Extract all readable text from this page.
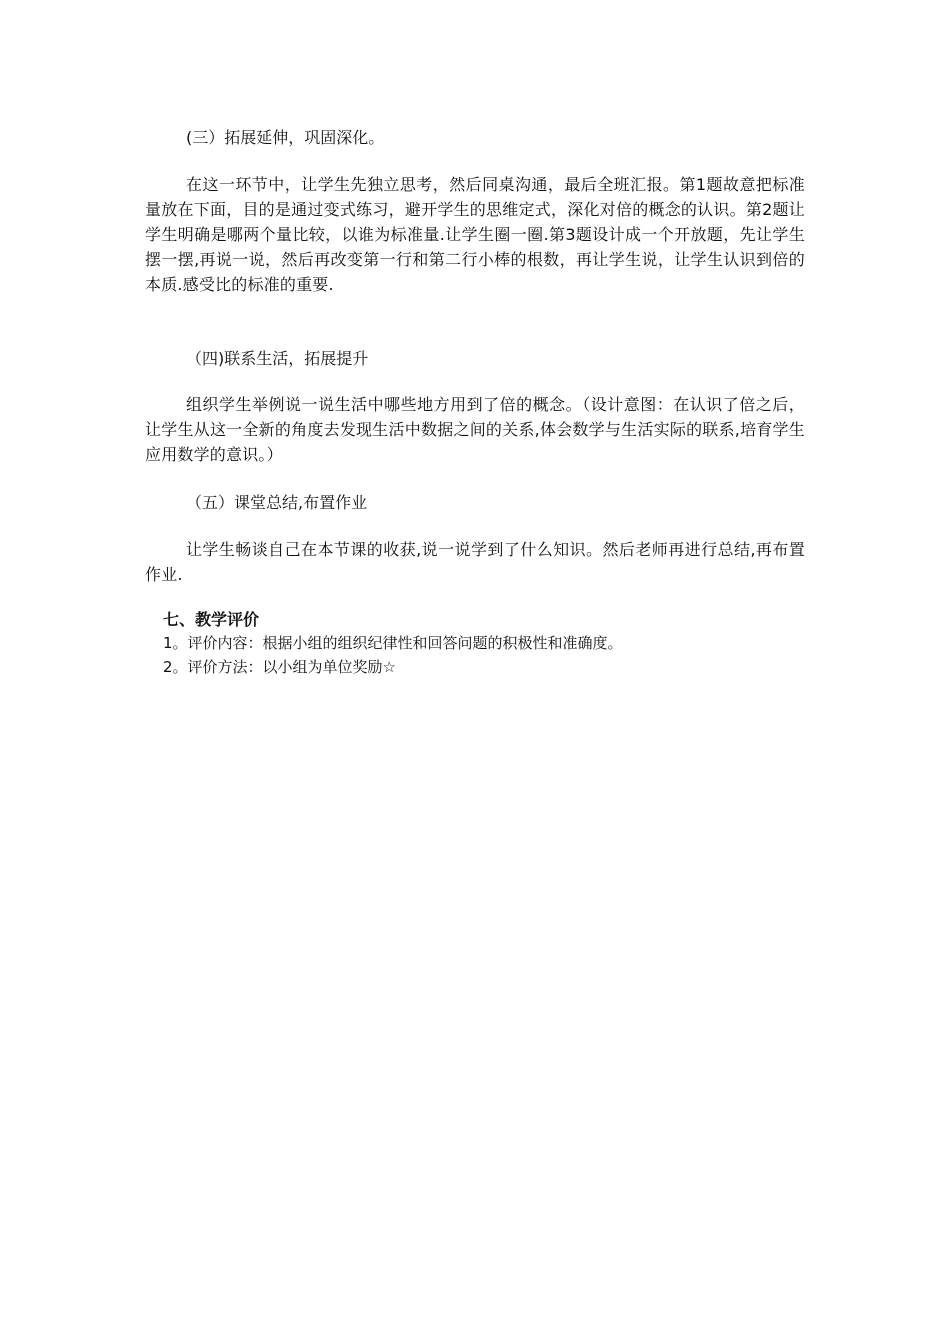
(三）拓展延伸，巩固深化。

在这一环节中，让学生先独立思考，然后同桌沟通，最后全班汇报。第1题故意把标准量放在下面，目的是通过变式练习，避开学生的思维定式，深化对倍的概念的认识。第2题让学生明确是哪两个量比较，以谁为标准量.让学生圈一圈.第3题设计成一个开放题，先让学生摆一摆,再说一说，然后再改变第一行和第二行小棒的根数，再让学生说，让学生认识到倍的本质.感受比的标准的重要.

（四)联系生活，拓展提升

组织学生举例说一说生活中哪些地方用到了倍的概念。（设计意图：在认识了倍之后，让学生从这一全新的角度去发现生活中数据之间的关系,体会数学与生活实际的联系,培育学生应用数学的意识。）

（五）课堂总结,布置作业

让学生畅谈自己在本节课的收获,说一说学到了什么知识。然后老师再进行总结,再布置作业.

七、教学评价
1。评价内容：根据小组的组织纪律性和回答问题的积极性和准确度。
2。评价方法：以小组为单位奖励☆
